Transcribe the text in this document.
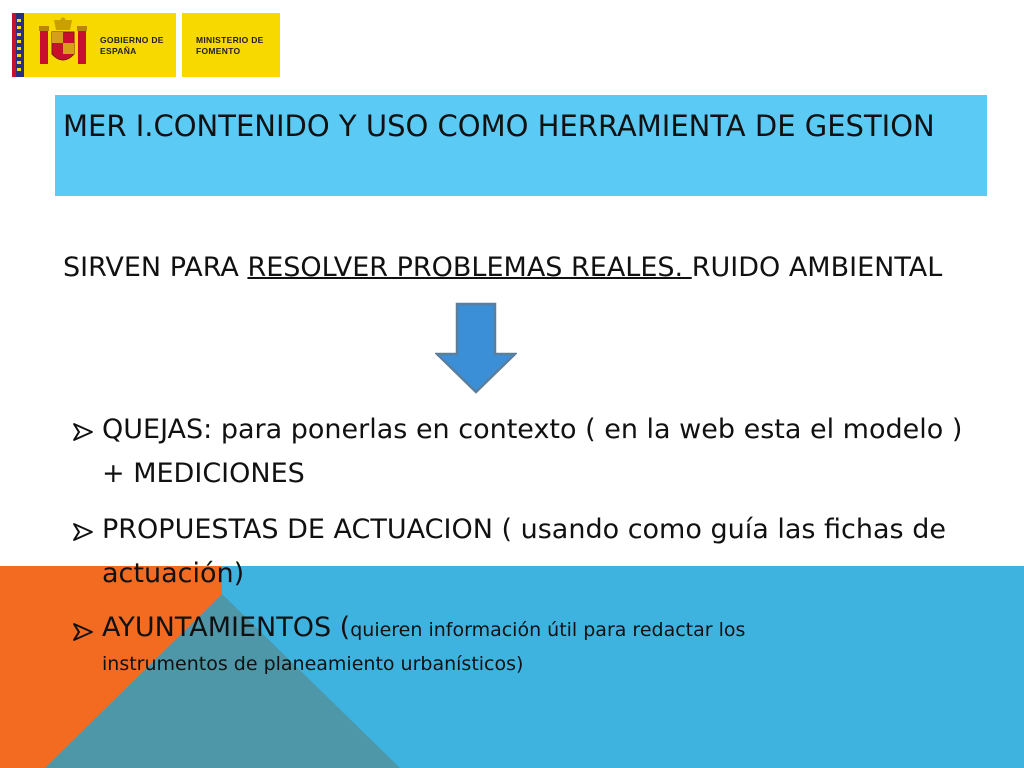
GOBIERNO DE ESPAÑA
MINISTERIO DE FOMENTO
MER I.CONTENIDO Y USO COMO HERRAMIENTA DE GESTION
SIRVEN PARA RESOLVER PROBLEMAS REALES. RUIDO AMBIENTAL
QUEJAS: para ponerlas en contexto ( en la web esta el modelo ) + MEDICIONES
PROPUESTAS DE ACTUACION ( usando como guía las fichas de actuación)
AYUNTAMIENTOS (quieren información útil para redactar los
instrumentos de planeamiento urbanísticos)
